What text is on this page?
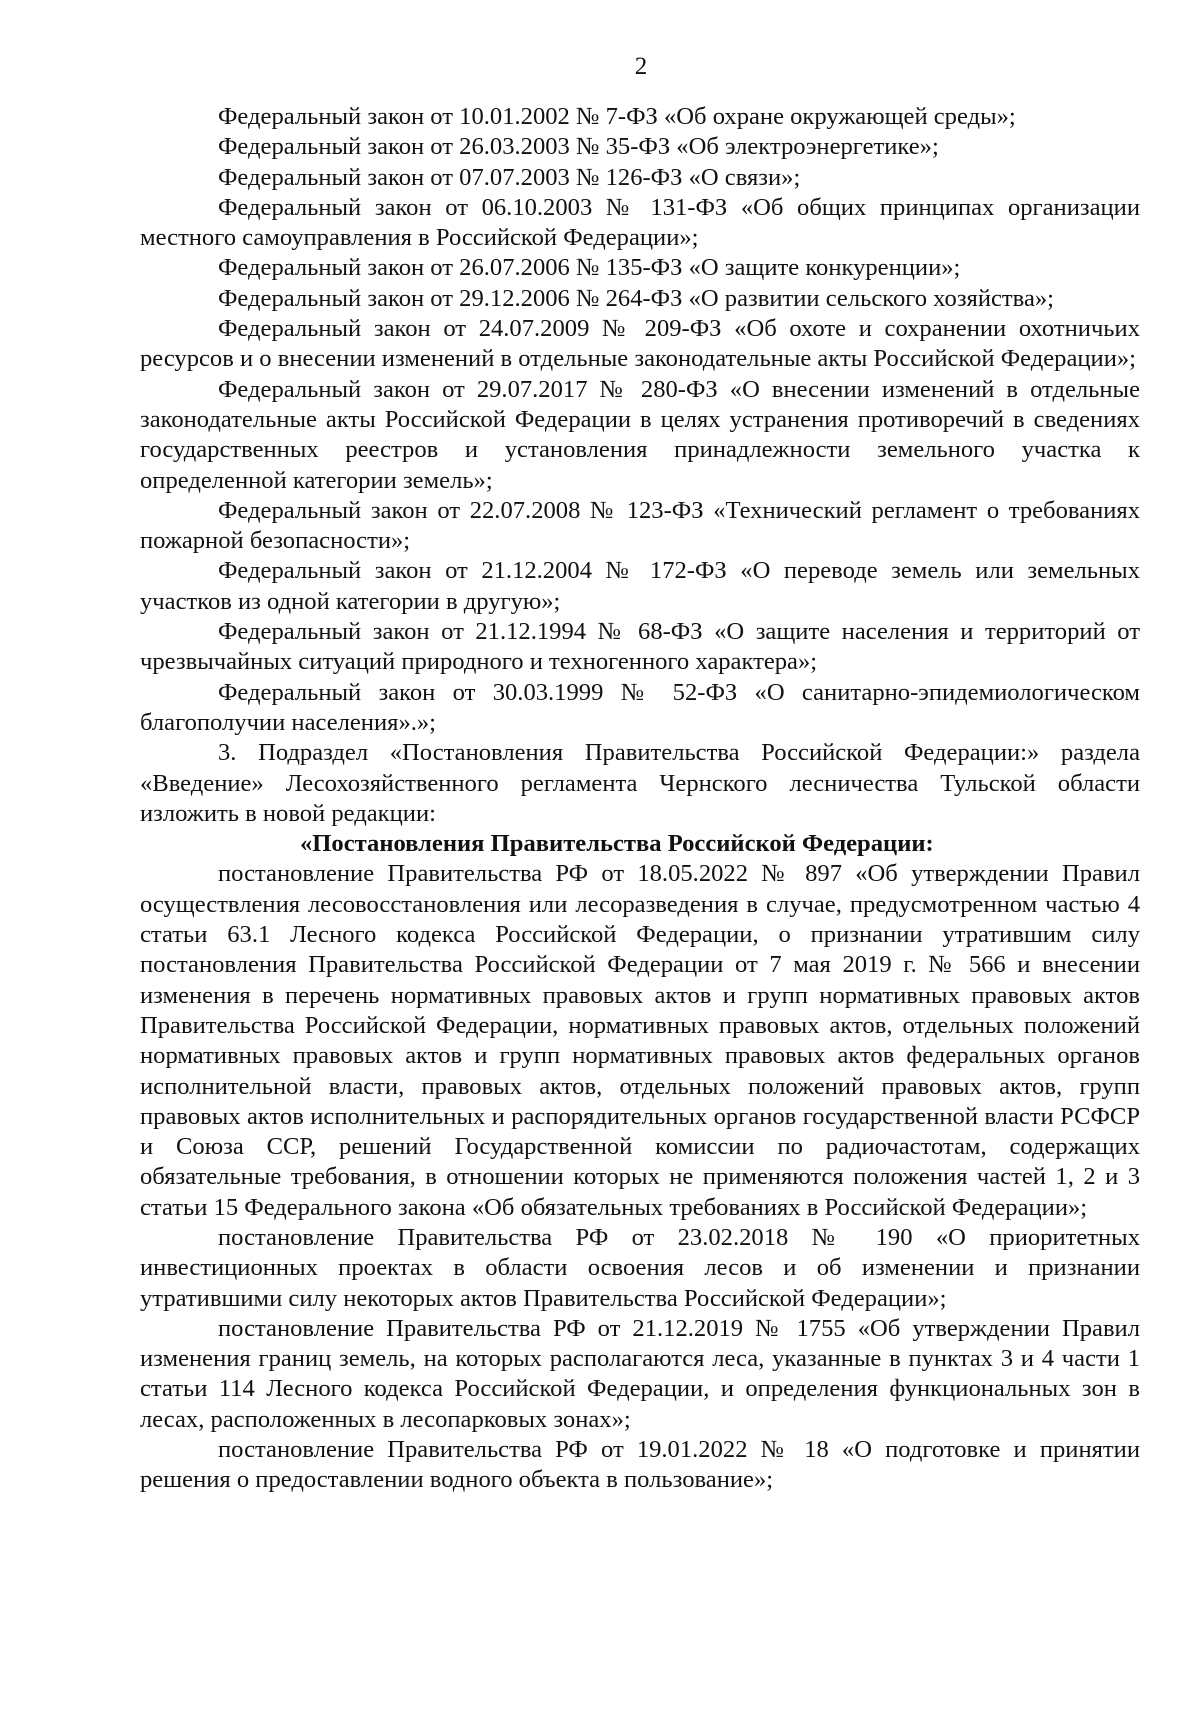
2

Федеральный закон от 10.01.2002 № 7-ФЗ «Об охране окружающей среды»;

Федеральный закон от 26.03.2003 № 35-ФЗ «Об электроэнергетике»;

Федеральный закон от 07.07.2003 № 126-ФЗ «О связи»;

Федеральный закон от 06.10.2003 № 131-ФЗ «Об общих принципах организации местного самоуправления в Российской Федерации»;

Федеральный закон от 26.07.2006 № 135-ФЗ «О защите конкуренции»;

Федеральный закон от 29.12.2006 № 264-ФЗ «О развитии сельского хозяйства»;

Федеральный закон от 24.07.2009 № 209-ФЗ «Об охоте и сохранении охотничьих ресурсов и о внесении изменений в отдельные законодательные акты Российской Федерации»;

Федеральный закон от 29.07.2017 № 280-ФЗ «О внесении изменений в отдельные законодательные акты Российской Федерации в целях устранения противоречий в сведениях государственных реестров и установления принадлежности земельного участка к определенной категории земель»;

Федеральный закон от 22.07.2008 № 123-ФЗ «Технический регламент о требованиях пожарной безопасности»;

Федеральный закон от 21.12.2004 № 172-ФЗ «О переводе земель или земельных участков из одной категории в другую»;

Федеральный закон от 21.12.1994 № 68-ФЗ «О защите населения и территорий от чрезвычайных ситуаций природного и техногенного характера»;

Федеральный закон от 30.03.1999 № 52-ФЗ «О санитарно-эпидемиологическом благополучии населения».»;

3. Подраздел «Постановления Правительства Российской Федерации:» раздела «Введение» Лесохозяйственного регламента Чернского лесничества Тульской области изложить в новой редакции:

«Постановления Правительства Российской Федерации:

постановление Правительства РФ от 18.05.2022 № 897 «Об утверждении Правил осуществления лесовосстановления или лесоразведения в случае, предусмотренном частью 4 статьи 63.1 Лесного кодекса Российской Федерации, о признании утратившим силу постановления Правительства Российской Федерации от 7 мая 2019 г. № 566 и внесении изменения в перечень нормативных правовых актов и групп нормативных правовых актов Правительства Российской Федерации, нормативных правовых актов, отдельных положений нормативных правовых актов и групп нормативных правовых актов федеральных органов исполнительной власти, правовых актов, отдельных положений правовых актов, групп правовых актов исполнительных и распорядительных органов государственной власти РСФСР и Союза ССР, решений Государственной комиссии по радиочастотам, содержащих обязательные требования, в отношении которых не применяются положения частей 1, 2 и 3 статьи 15 Федерального закона «Об обязательных требованиях в Российской Федерации»;

постановление Правительства РФ от 23.02.2018 № 190 «О приоритетных инвестиционных проектах в области освоения лесов и об изменении и признании утратившими силу некоторых актов Правительства Российской Федерации»;

постановление Правительства РФ от 21.12.2019 № 1755 «Об утверждении Правил изменения границ земель, на которых располагаются леса, указанные в пунктах 3 и 4 части 1 статьи 114 Лесного кодекса Российской Федерации, и определения функциональных зон в лесах, расположенных в лесопарковых зонах»;

постановление Правительства РФ от 19.01.2022 № 18 «О подготовке и принятии решения о предоставлении водного объекта в пользование»;
